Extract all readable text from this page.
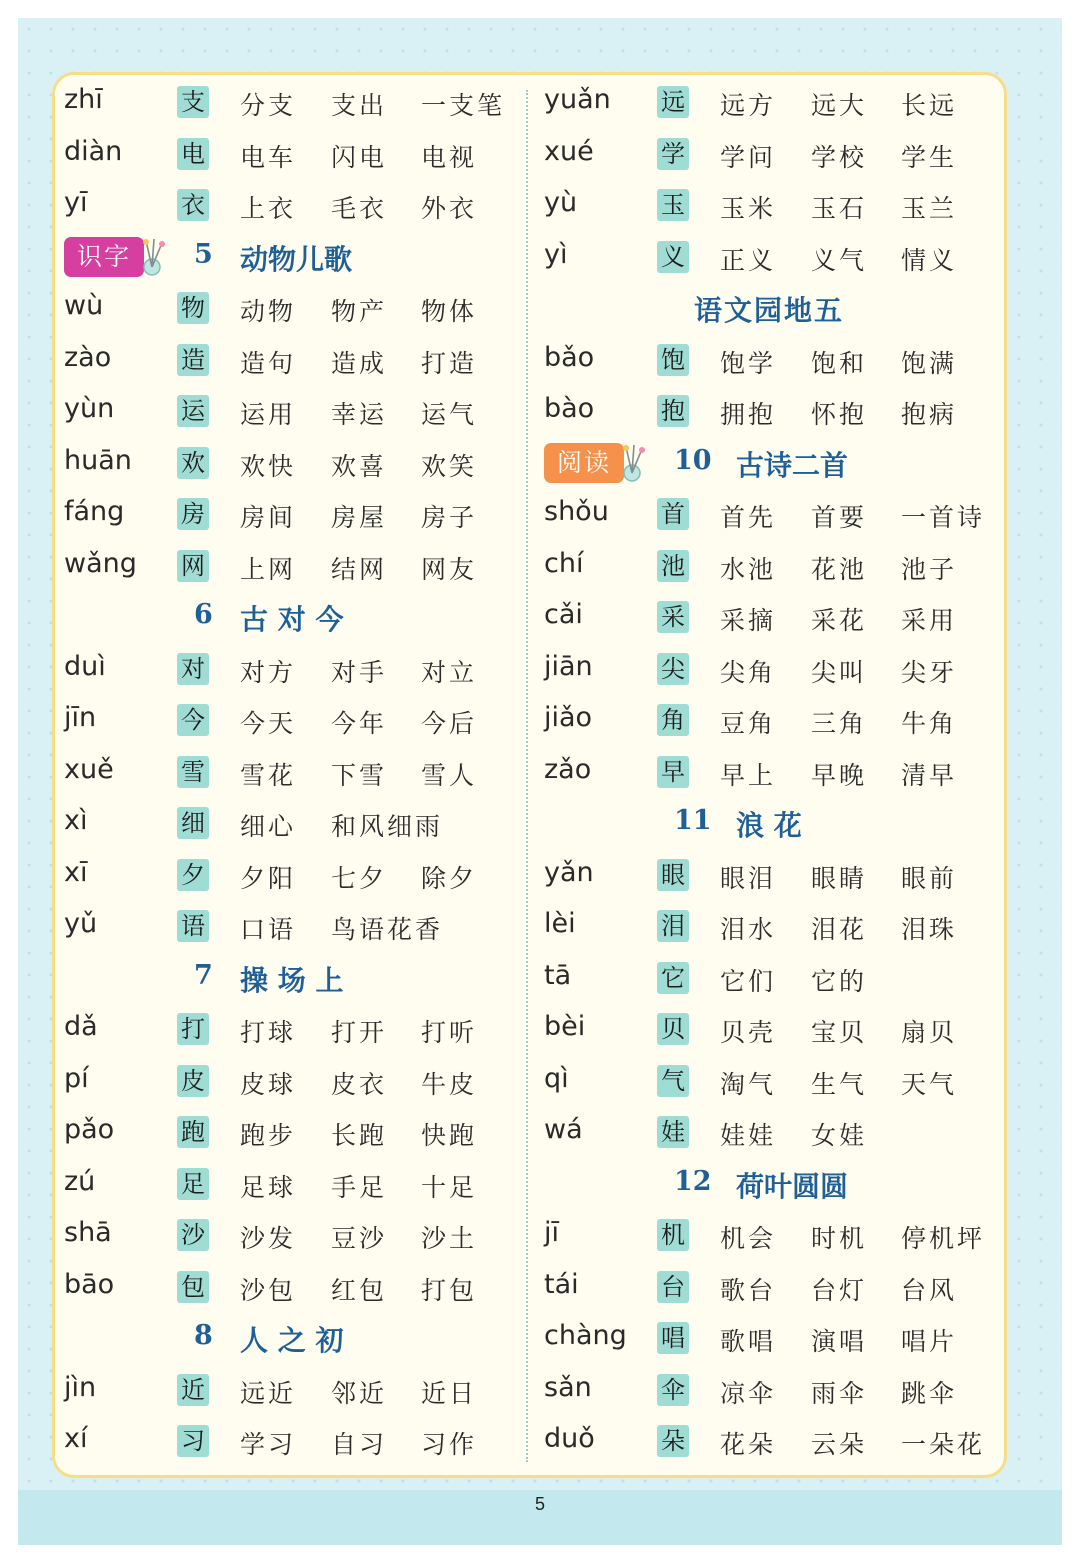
zhī	支 分支 支出 一支笔
diàn 电 电车 闪电 电视
yī	衣 上衣 毛衣 外衣
识字	5 动物儿歌
wù	物 动物 物产 物体
zào	造 造句 造成 打造
yùn	运 运用 幸运 运气
huān 欢 欢快 欢喜 欢笑
fáng 房 房间 房屋 房子
wǎng 网 上网 结网 网友
6 古 对 今
duì	对 对方 对手 对立
jīn	今 今天 今年 今后
xuě	雪 雪花 下雪 雪人
xì	细 细心 和风细雨
xī	夕 夕阳 七夕 除夕
yǔ	语 口语 鸟语花香
7 操 场 上
dǎ	打 打球 打开 打听
pí	皮 皮球 皮衣 牛皮
pǎo	跑 跑步 长跑 快跑
zú	足 足球 手足 十足
shā	沙 沙发 豆沙 沙土
bāo	包 沙包 红包 打包
8 人 之 初
jìn	近 远近 邻近 近日
xí	习 学习 自习 习作
yuǎn 远 远方 远大 长远
xué	学 学问 学校 学生
yù	玉 玉米 玉石 玉兰
yì	义 正义 义气 情义
语文园地五
bǎo	饱 饱学 饱和 饱满
bào	抱 拥抱 怀抱 抱病
阅读	10 古诗二首
shǒu 首 首先 首要 一首诗
chí	池 水池 花池 池子
cǎi	采 采摘 采花 采用
jiān	尖 尖角 尖叫 尖牙
jiǎo	角 豆角 三角 牛角
zǎo	早 早上 早晚 清早
11 浪 花
yǎn	眼 眼泪 眼睛 眼前
lèi	泪 泪水 泪花 泪珠
tā	它 它们 它的
bèi	贝 贝壳 宝贝 扇贝
qì	气 淘气 生气 天气
wá	娃 娃娃 女娃
12 荷叶圆圆
jī	机 机会 时机 停机坪
tái	台 歌台 台灯 台风
chàng 唱 歌唱 演唱 唱片
sǎn	伞 凉伞 雨伞 跳伞
duǒ	朵 花朵 云朵 一朵花
5
